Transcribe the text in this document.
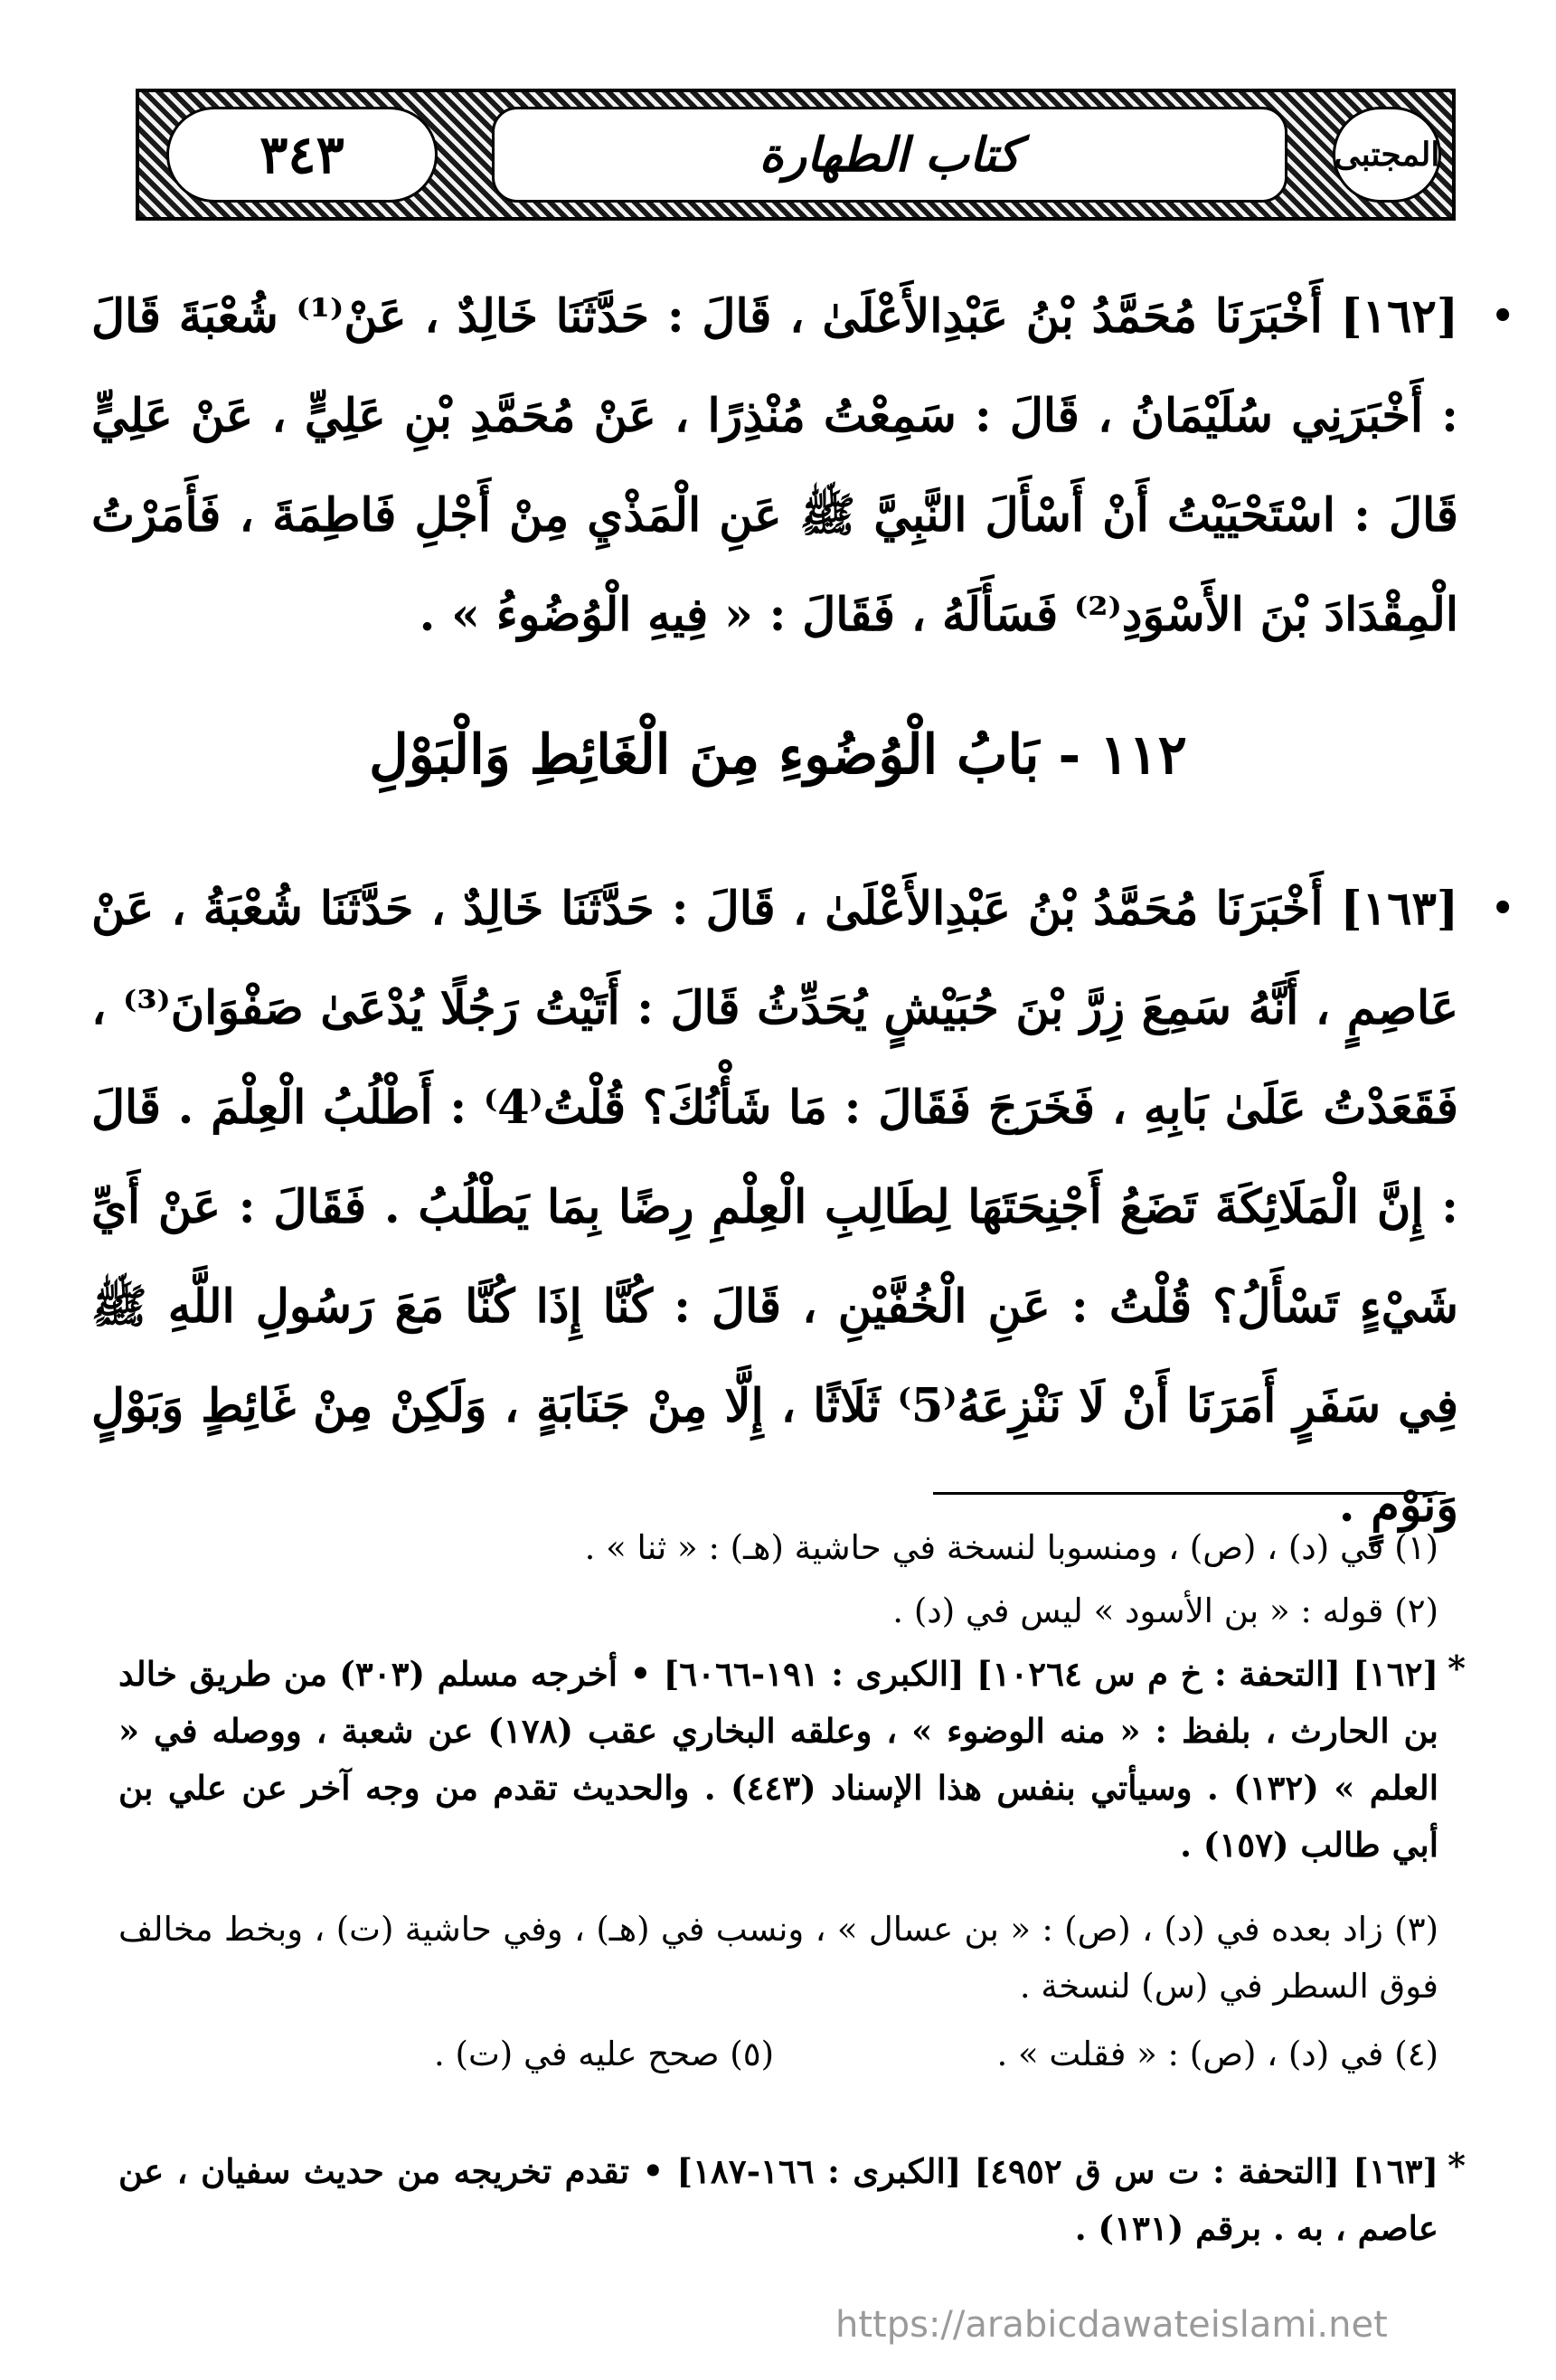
٣٤٣	كتاب الطهارة	المجتبى
•
[١٦٢] أَخْبَرَنَا مُحَمَّدُ بْنُ عَبْدِالأَعْلَىٰ ، قَالَ : حَدَّثَنَا خَالِدٌ ، عَنْ⁽¹⁾ شُعْبَةَ قَالَ : أَخْبَرَنِي سُلَيْمَانُ ، قَالَ : سَمِعْتُ مُنْذِرًا ، عَنْ مُحَمَّدِ بْنِ عَلِيٍّ ، عَنْ عَلِيٍّ قَالَ : اسْتَحْيَيْتُ أَنْ أَسْأَلَ النَّبِيَّ ﷺ عَنِ الْمَذْيِ مِنْ أَجْلِ فَاطِمَةَ ، فَأَمَرْتُ الْمِقْدَادَ بْنَ الأَسْوَدِ⁽²⁾ فَسَأَلَهُ ، فَقَالَ : « فِيهِ الْوُضُوءُ » .
١١٢ - بَابُ الْوُضُوءِ مِنَ الْغَائِطِ وَالْبَوْلِ
•
[١٦٣] أَخْبَرَنَا مُحَمَّدُ بْنُ عَبْدِالأَعْلَىٰ ، قَالَ : حَدَّثَنَا خَالِدٌ ، حَدَّثَنَا شُعْبَةُ ، عَنْ عَاصِمٍ ، أَنَّهُ سَمِعَ زِرَّ بْنَ حُبَيْشٍ يُحَدِّثُ قَالَ : أَتَيْتُ رَجُلًا يُدْعَىٰ صَفْوَانَ⁽³⁾ ، فَقَعَدْتُ عَلَىٰ بَابِهِ ، فَخَرَجَ فَقَالَ : مَا شَأْنُكَ؟ قُلْتُ⁽4⁾ : أَطْلُبُ الْعِلْمَ . قَالَ : إِنَّ الْمَلَائِكَةَ تَضَعُ أَجْنِحَتَهَا لِطَالِبِ الْعِلْمِ رِضًا بِمَا يَطْلُبُ . فَقَالَ : عَنْ أَيِّ شَيْءٍ تَسْأَلُ؟ قُلْتُ : عَنِ الْخُفَّيْنِ ، قَالَ : كُنَّا إِذَا كُنَّا مَعَ رَسُولِ اللَّهِ ﷺ فِي سَفَرٍ أَمَرَنَا أَنْ لَا نَنْزِعَهُ⁽5⁾ ثَلَاثًا ، إِلَّا مِنْ جَنَابَةٍ ، وَلَكِنْ مِنْ غَائِطٍ وَبَوْلٍ وَنَوْمٍ .

(١) في (د) ، (ص) ، ومنسوبا لنسخة في حاشية (هـ) : « ثنا » .

(٢) قوله : « بن الأسود » ليس في (د) .

*

[١٦٢] [التحفة : خ م س ١٠٢٦٤] [الكبرى : ١٩١-٦٠٦٦] • أخرجه مسلم (٣٠٣) من طريق خالد بن الحارث ، بلفظ : « منه الوضوء » ، وعلقه البخاري عقب (١٧٨) عن شعبة ، ووصله في « العلم » (١٣٢) . وسيأتي بنفس هذا الإسناد (٤٤٣) . والحديث تقدم من وجه آخر عن علي بن أبي طالب (١٥٧) .

(٣) زاد بعده في (د) ، (ص) : « بن عسال » ، ونسب في (هـ) ، وفي حاشية (ت) ، وبخط مخالف فوق السطر في (س) لنسخة .

(٤) في (د) ، (ص) : « فقلت » .

*

[١٦٣] [التحفة : ت س ق ٤٩٥٢] [الكبرى : ١٦٦-١٨٧] • تقدم تخريجه من حديث سفيان ، عن عاصم ، به . برقم (١٣١) .

https://arabicdawateislami.net
(٥) صحح عليه في (ت) .
